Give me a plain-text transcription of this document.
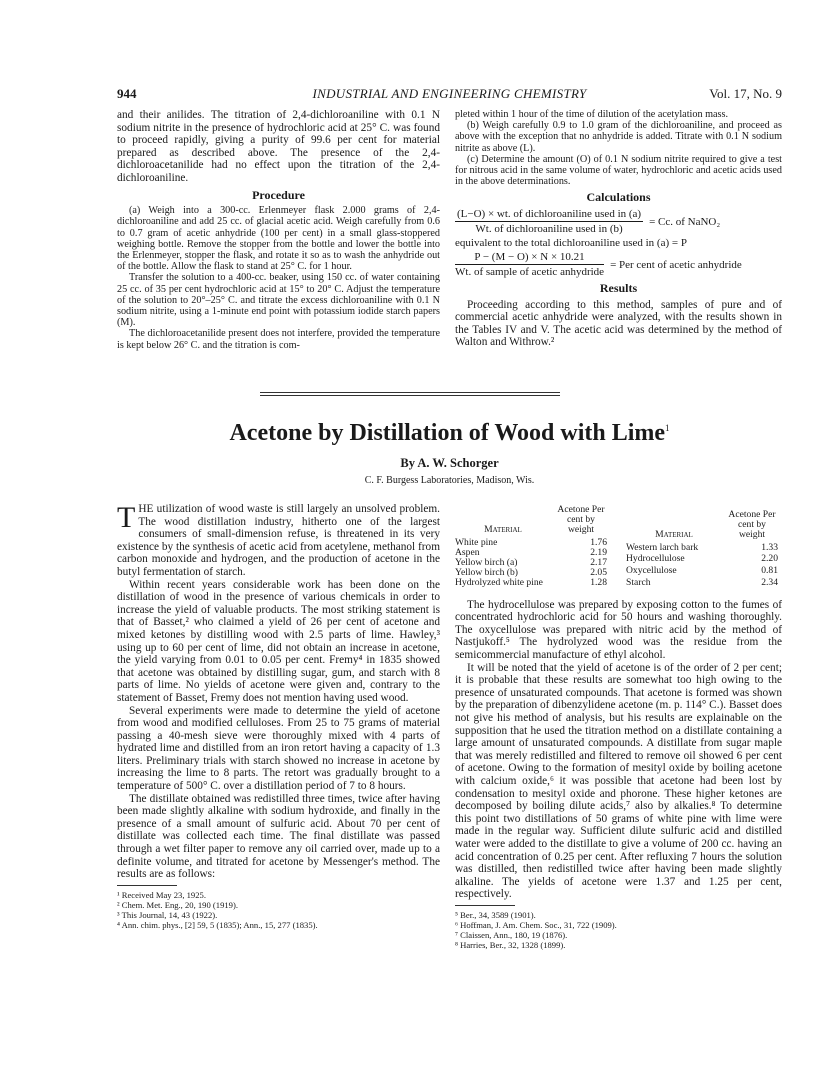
944	INDUSTRIAL AND ENGINEERING CHEMISTRY	Vol. 17, No. 9

and their anilides. The titration of 2,4-dichloroaniline with 0.1 N sodium nitrite in the presence of hydrochloric acid at 25° C. was found to proceed rapidly, giving a purity of 99.6 per cent for material prepared as described above. The presence of the 2,4-dichloroacetanilide had no effect upon the titration of the 2,4-dichloroaniline.

Procedure

(a) Weigh into a 300-cc. Erlenmeyer flask 2.000 grams of 2,4-dichloroaniline and add 25 cc. of glacial acetic acid. Weigh carefully from 0.6 to 0.7 gram of acetic anhydride (100 per cent) in a small glass-stoppered weighing bottle. Remove the stopper from the bottle and lower the bottle into the Erlenmeyer, stopper the flask, and rotate it so as to wash the anhydride out of the bottle. Allow the flask to stand at 25° C. for 1 hour.

Transfer the solution to a 400-cc. beaker, using 150 cc. of water containing 25 cc. of 35 per cent hydrochloric acid at 15° to 20° C. Adjust the temperature of the solution to 20°–25° C. and titrate the excess dichloroaniline with 0.1 N sodium nitrite, using a 1-minute end point with potassium iodide starch papers (M).

The dichloroacetanilide present does not interfere, provided the temperature is kept below 26° C. and the titration is com-

pleted within 1 hour of the time of dilution of the acetylation mass.

(b) Weigh carefully 0.9 to 1.0 gram of the dichloroaniline, and proceed as above with the exception that no anhydride is added. Titrate with 0.1 N sodium nitrite as above (L).

(c) Determine the amount (O) of 0.1 N sodium nitrite required to give a test for nitrous acid in the same volume of water, hydrochloric and acetic acids used in the above determinations.

Calculations
$\frac{\text{(L−O) × wt. of dichloroaniline used in (a)}}{\text{Wt. of dichloroaniline used in (b)}} = Cc$. of NaNO₂
equivalent to the total dichloroaniline used in (a) = P
$\frac{P - (M - O) \times N \times 10.21}{\text{Wt. of sample of acetic anhydride}}$ = Per cent of acetic anhydride
Results

Proceeding according to this method, samples of pure and of commercial acetic anhydride were analyzed, with the results shown in the Tables IV and V. The acetic acid was determined by the method of Walton and Withrow.²

Acetone by Distillation of Wood with Lime$^1$
By A. W. Schorger
C. F. Burgess Laboratories, Madison, Wis.

THE utilization of wood waste is still largely an unsolved problem. The wood distillation industry, hitherto one of the largest consumers of small-dimension refuse, is threatened in its very existence by the synthesis of acetic acid from acetylene, methanol from carbon monoxide and hydrogen, and the production of acetone in the butyl fermentation of starch.

Within recent years considerable work has been done on the distillation of wood in the presence of various chemicals in order to increase the yield of valuable products. The most striking statement is that of Basset,² who claimed a yield of 26 per cent of acetone and mixed ketones by distilling wood with 2.5 parts of lime. Hawley,³ using up to 60 per cent of lime, did not obtain an increase in acetone, the yield varying from 0.01 to 0.05 per cent. Fremy⁴ in 1835 showed that acetone was obtained by distilling sugar, gum, and starch with 8 parts of lime. No yields of acetone were given and, contrary to the statement of Basset, Fremy does not mention having used wood.

Several experiments were made to determine the yield of acetone from wood and modified celluloses. From 25 to 75 grams of material passing a 40-mesh sieve were thoroughly mixed with 4 parts of hydrated lime and distilled from an iron retort having a capacity of 1.3 liters. Preliminary trials with starch showed no increase in acetone by increasing the lime to 8 parts. The retort was gradually brought to a temperature of 500° C. over a distillation period of 7 to 8 hours.

The distillate obtained was redistilled three times, twice after having been made slightly alkaline with sodium hydroxide, and finally in the presence of a small amount of sulfuric acid. About 70 per cent of distillate was collected each time. The final distillate was passed through a wet filter paper to remove any oil carried over, made up to a definite volume, and titrated for acetone by Messenger's method. The results are as follows:

¹ Received May 23, 1925.
² Chem. Met. Eng., 20, 190 (1919).
³ This Journal, 14, 43 (1922).
⁴ Ann. chim. phys., [2] 59, 5 (1835); Ann., 15, 277 (1835).
Material	Acetone Per cent by weight
White pine	1.76
Aspen	2.19
Yellow birch (a)	2.17
Yellow birch (b)	2.05
Hydrolyzed white pine	1.28
Material	Acetone Per cent by weight
Western larch bark	1.33
Hydrocellulose	2.20
Oxycellulose	0.81
Starch	2.34

The hydrocellulose was prepared by exposing cotton to the fumes of concentrated hydrochloric acid for 50 hours and washing thoroughly. The oxycellulose was prepared with nitric acid by the method of Nastjukoff.⁵ The hydrolyzed wood was the residue from the semicommercial manufacture of ethyl alcohol.

It will be noted that the yield of acetone is of the order of 2 per cent; it is probable that these results are somewhat too high owing to the presence of unsaturated compounds. That acetone is formed was shown by the preparation of dibenzylidene acetone (m. p. 114° C.). Basset does not give his method of analysis, but his results are explainable on the supposition that he used the titration method on a distillate containing a large amount of unsaturated compounds. A distillate from sugar maple that was merely redistilled and filtered to remove oil showed 6 per cent of acetone. Owing to the formation of mesityl oxide by boiling acetone with calcium oxide,⁶ it was possible that acetone had been lost by condensation to mesityl oxide and phorone. These higher ketones are decomposed by boiling dilute acids,⁷ also by alkalies.⁸ To determine this point two distillations of 50 grams of white pine with lime were made in the regular way. Sufficient dilute sulfuric acid and distilled water were added to the distillate to give a volume of 200 cc. having an acid concentration of 0.25 per cent. After refluxing 7 hours the solution was distilled, then redistilled twice after having been made slightly alkaline. The yields of acetone were 1.37 and 1.25 per cent, respectively.

⁵ Ber., 34, 3589 (1901).
⁶ Hoffman, J. Am. Chem. Soc., 31, 722 (1909).
⁷ Claissen, Ann., 180, 19 (1876).
⁸ Harries, Ber., 32, 1328 (1899).
